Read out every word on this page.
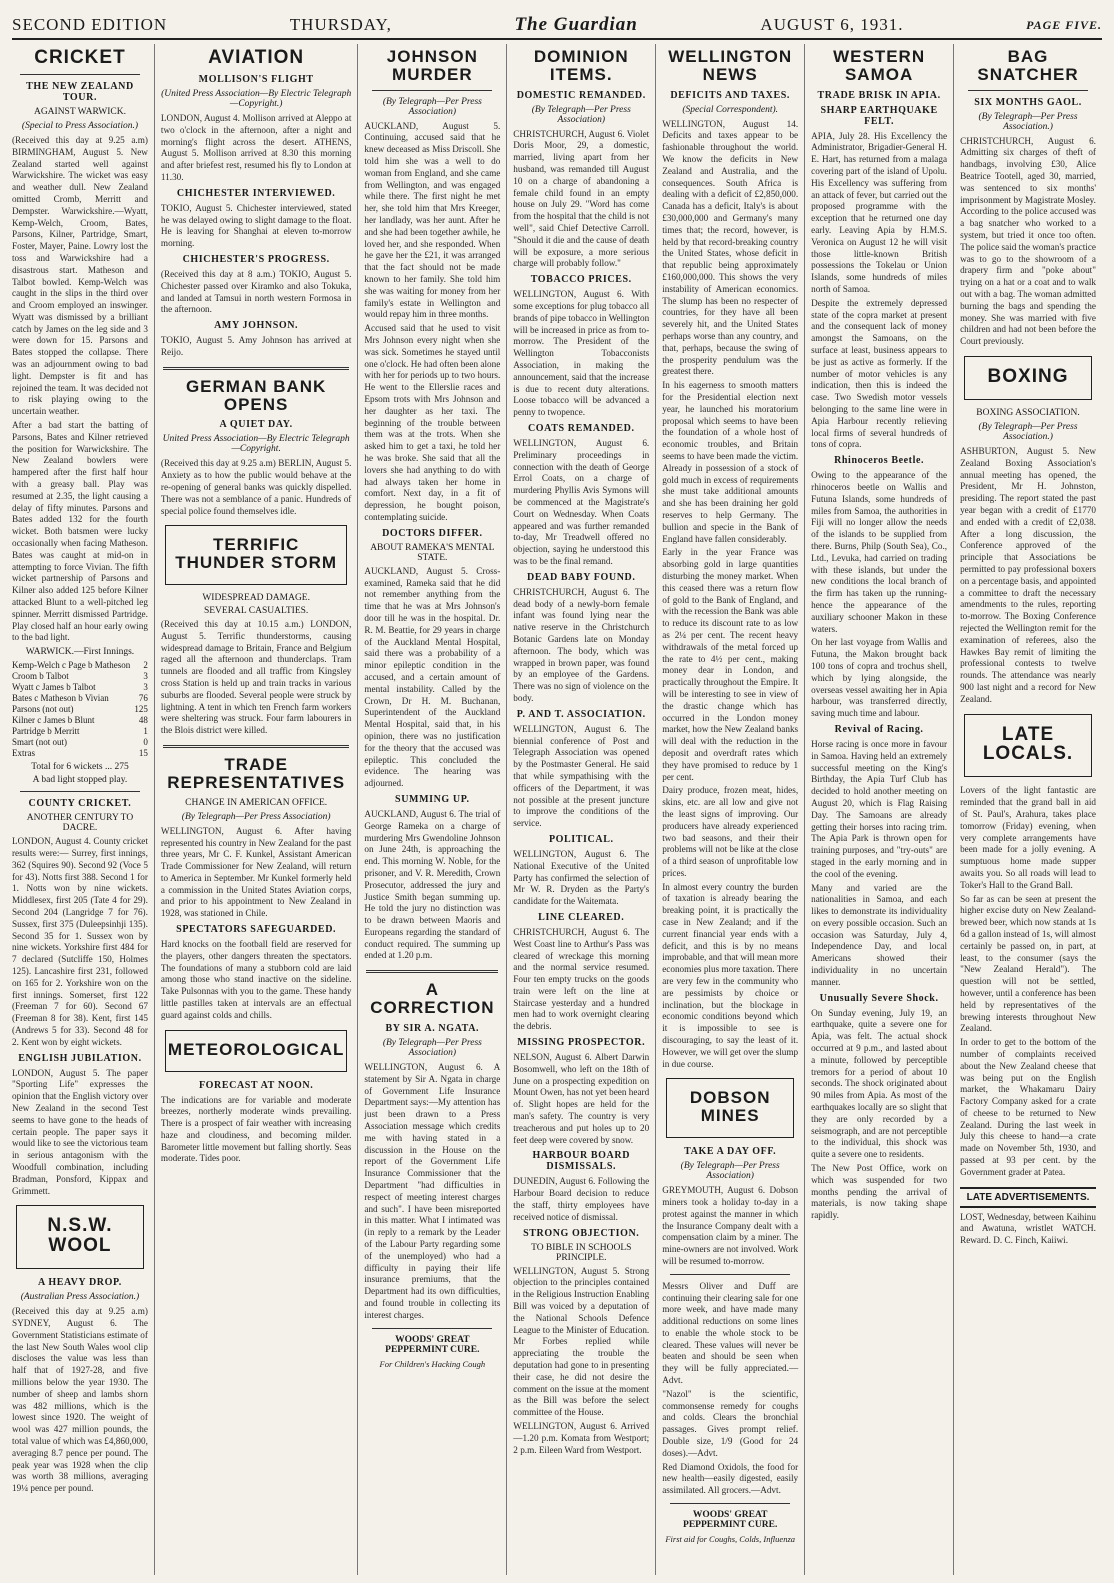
SECOND EDITION	THURSDAY,	The Guardian	AUGUST 6, 1931.	PAGE FIVE.
CRICKET
THE NEW ZEALAND TOUR.
AGAINST WARWICK.
(Special to Press Association.)

(Received this day at 9.25 a.m) BIRMINGHAM, August 5. New Zealand started well against Warwickshire. The wicket was easy and weather dull. New Zealand omitted Cromb, Merritt and Dempster. Warwickshire.—Wyatt, Kemp-Welch, Croom, Bates, Parsons, Kilner, Partridge, Smart, Foster, Mayer, Paine. Lowry lost the toss and Warwickshire had a disastrous start. Matheson and Talbot bowled. Kemp-Welch was caught in the slips in the third over and Croom employed an inswinger. Wyatt was dismissed by a brilliant catch by James on the leg side and 3 were down for 15. Parsons and Bates stopped the collapse. There was an adjournment owing to bad light. Dempster is fit and has rejoined the team. It was decided not to risk playing owing to the uncertain weather.

After a bad start the batting of Parsons, Bates and Kilner retrieved the position for Warwickshire. The New Zealand bowlers were hampered after the first half hour with a greasy ball. Play was resumed at 2.35, the light causing a delay of fifty minutes. Parsons and Bates added 132 for the fourth wicket. Both batsmen were lucky occasionally when facing Matheson. Bates was caught at mid-on in attempting to force Vivian. The fifth wicket partnership of Parsons and Kilner also added 125 before Kilner attacked Blunt to a well-pitched leg spinner. Merritt dismissed Partridge. Play closed half an hour early owing to the bad light.

WARWICK.—First Innings.
Kemp-Welch c Page b Matheson 2
Croom b Talbot	3
Wyatt c James b Talbot	3
Bates c Matheson b Vivian	76
Parsons (not out)	125
Kilner c James b Blunt	48
Partridge b Merritt	1
Smart (not out)	0
Extras	15
Total for 6 wickets ... 275
A bad light stopped play.
COUNTY CRICKET.
ANOTHER CENTURY TO DACRE.

LONDON, August 4. County cricket results were:— Surrey, first innings, 362 (Squires 90). Second 92 (Voce 5 for 43). Notts first 388. Second 1 for 1. Notts won by nine wickets. Middlesex, first 205 (Tate 4 for 29). Second 204 (Langridge 7 for 76). Sussex, first 375 (Duleepsinhji 135). Second 35 for 1. Sussex won by nine wickets. Yorkshire first 484 for 7 declared (Sutcliffe 150, Holmes 125). Lancashire first 231, followed on 165 for 2. Yorkshire won on the first innings. Somerset, first 122 (Freeman 7 for 60). Second 67 (Freeman 8 for 38). Kent, first 145 (Andrews 5 for 33). Second 48 for 2. Kent won by eight wickets.

ENGLISH JUBILATION.

LONDON, August 5. The paper "Sporting Life" expresses the opinion that the English victory over New Zealand in the second Test seems to have gone to the heads of certain people. The paper says it would like to see the victorious team in serious antagonism with the Woodfull combination, including Bradman, Ponsford, Kippax and Grimmett.

N.S.W. WOOL
A HEAVY DROP.
(Australian Press Association.)

(Received this day at 9.25 a.m) SYDNEY, August 6. The Government Statisticians estimate of the last New South Wales wool clip discloses the value was less than half that of 1927-28, and five millions below the year 1930. The number of sheep and lambs shorn was 482 millions, which is the lowest since 1920. The weight of wool was 427 million pounds, the total value of which was £4,860,000, averaging 8.7 pence per pound. The peak year was 1928 when the clip was worth 38 millions, averaging 19¼ pence per pound.

AVIATION
MOLLISON'S FLIGHT
(United Press Association—By Electric Telegraph—Copyright.)

LONDON, August 4. Mollison arrived at Aleppo at two o'clock in the afternoon, after a night and morning's flight across the desert. ATHENS, August 5. Mollison arrived at 8.30 this morning and after briefest rest, resumed his fly to London at 11.30.

CHICHESTER INTERVIEWED.

TOKIO, August 5. Chichester interviewed, stated he was delayed owing to slight damage to the float. He is leaving for Shanghai at eleven to-morrow morning.

CHICHESTER'S PROGRESS.

(Received this day at 8 a.m.) TOKIO, August 5. Chichester passed over Kiramko and also Tokuka, and landed at Tamsui in north western Formosa in the afternoon.

AMY JOHNSON.

TOKIO, August 5. Amy Johnson has arrived at Reijo.

GERMAN BANK OPENS
A QUIET DAY.
United Press Association—By Electric Telegraph—Copyright.

(Received this day at 9.25 a.m) BERLIN, August 5. Anxiety as to how the public would behave at the re-opening of general banks was quickly dispelled. There was not a semblance of a panic. Hundreds of special police found themselves idle.

TERRIFIC THUNDER STORM
WIDESPREAD DAMAGE.
SEVERAL CASUALTIES.

(Received this day at 10.15 a.m.) LONDON, August 5. Terrific thunderstorms, causing widespread damage to Britain, France and Belgium raged all the afternoon and thunderclaps. Tram tunnels are flooded and all traffic from Kingsley cross Station is held up and train tracks in various suburbs are flooded. Several people were struck by lightning. A tent in which ten French farm workers were sheltering was struck. Four farm labourers in the Blois district were killed.

TRADE REPRESENTATIVES
CHANGE IN AMERICAN OFFICE.
(By Telegraph—Per Press Association)

WELLINGTON, August 6. After having represented his country in New Zealand for the past three years, Mr C. F. Kunkel, Assistant American Trade Commissioner for New Zealand, will return to America in September. Mr Kunkel formerly held a commission in the United States Aviation corps, and prior to his appointment to New Zealand in 1928, was stationed in Chile.

SPECTATORS SAFEGUARDED.

Hard knocks on the football field are reserved for the players, other dangers threaten the spectators. The foundations of many a stubborn cold are laid among those who stand inactive on the sideline. Take Pulsonnas with you to the game. These handy little pastilles taken at intervals are an effectual guard against colds and chills.

METEOROLOGICAL
FORECAST AT NOON.

The indications are for variable and moderate breezes, northerly moderate winds prevailing. There is a prospect of fair weather with increasing haze and cloudiness, and becoming milder. Barometer little movement but falling shortly. Seas moderate. Tides poor.

JOHNSON MURDER
(By Telegraph—Per Press Association)

AUCKLAND, August 5. Continuing, accused said that he knew deceased as Miss Driscoll. She told him she was a well to do woman from England, and she came from Wellington, and was engaged while there. The first night he met her, she told him that Mrs Kreeger, her landlady, was her aunt. After he and she had been together awhile, he loved her, and she responded. When he gave her the £21, it was arranged that the fact should not be made known to her family. She told him she was waiting for money from her family's estate in Wellington and would repay him in three months.

Accused said that he used to visit Mrs Johnson every night when she was sick. Sometimes he stayed until one o'clock. He had often been alone with her for periods up to two hours. He went to the Ellerslie races and Epsom trots with Mrs Johnson and her daughter as her taxi. The beginning of the trouble between them was at the trots. When she asked him to get a taxi, he told her he was broke. She said that all the lovers she had anything to do with had always taken her home in comfort. Next day, in a fit of depression, he bought poison, contemplating suicide.

DOCTORS DIFFER.
ABOUT RAMEKA'S MENTAL STATE.

AUCKLAND, August 5. Cross-examined, Rameka said that he did not remember anything from the time that he was at Mrs Johnson's door till he was in the hospital. Dr. R. M. Beattie, for 29 years in charge of the Auckland Mental Hospital, said there was a probability of a minor epileptic condition in the accused, and a certain amount of mental instability. Called by the Crown, Dr H. M. Buchanan, Superintendent of the Auckland Mental Hospital, said that, in his opinion, there was no justification for the theory that the accused was epileptic. This concluded the evidence. The hearing was adjourned.

SUMMING UP.

AUCKLAND, August 6. The trial of George Rameka on a charge of murdering Mrs Gwendoline Johnson on June 24th, is approaching the end. This morning W. Noble, for the prisoner, and V. R. Meredith, Crown Prosecutor, addressed the jury and Justice Smith began summing up. He told the jury no distinction was to be drawn between Maoris and Europeans regarding the standard of conduct required. The summing up ended at 1.20 p.m.

A CORRECTION
BY SIR A. NGATA.
(By Telegraph—Per Press Association)

WELLINGTON, August 6. A statement by Sir A. Ngata in charge of Government Life Insurance Department says:—My attention has just been drawn to a Press Association message which credits me with having stated in a discussion in the House on the report of the Government Life Insurance Commissioner that the Department "had difficulties in respect of meeting interest charges and such". I have been misreported in this matter. What I intimated was (in reply to a remark by the Leader of the Labour Party regarding some of the unemployed) who had a difficulty in paying their life insurance premiums, that the Department had its own difficulties, and found trouble in collecting its interest charges.

WOODS' GREAT PEPPERMINT CURE.
For Children's Hacking Cough
DOMINION ITEMS.
DOMESTIC REMANDED.
(By Telegraph—Per Press Association)

CHRISTCHURCH, August 6. Violet Doris Moor, 29, a domestic, married, living apart from her husband, was remanded till August 10 on a charge of abandoning a female child found in an empty house on July 29. "Word has come from the hospital that the child is not well", said Chief Detective Carroll. "Should it die and the cause of death will be exposure, a more serious charge will probably follow."

TOBACCO PRICES.

WELLINGTON, August 6. With some exceptions for plug tobacco all brands of pipe tobacco in Wellington will be increased in price as from to-morrow. The President of the Wellington Tobacconists Association, in making the announcement, said that the increase is due to recent duty alterations. Loose tobacco will be advanced a penny to twopence.

COATS REMANDED.

WELLINGTON, August 6. Preliminary proceedings in connection with the death of George Errol Coats, on a charge of murdering Phyllis Avis Symons will be commenced at the Magistrate's Court on Wednesday. When Coats appeared and was further remanded to-day, Mr Treadwell offered no objection, saying he understood this was to be the final remand.

DEAD BABY FOUND.

CHRISTCHURCH, August 6. The dead body of a newly-born female infant was found lying near the native reserve in the Christchurch Botanic Gardens late on Monday afternoon. The body, which was wrapped in brown paper, was found by an employee of the Gardens. There was no sign of violence on the body.

P. AND T. ASSOCIATION.

WELLINGTON, August 6. The biennial conference of Post and Telegraph Association was opened by the Postmaster General. He said that while sympathising with the officers of the Department, it was not possible at the present juncture to improve the conditions of the service.

POLITICAL.

WELLINGTON, August 6. The National Executive of the United Party has confirmed the selection of Mr W. R. Dryden as the Party's candidate for the Waitemata.

LINE CLEARED.

CHRISTCHURCH, August 6. The West Coast line to Arthur's Pass was cleared of wreckage this morning and the normal service resumed. Four ten empty trucks on the goods train were left on the line at Staircase yesterday and a hundred men had to work overnight clearing the debris.

MISSING PROSPECTOR.

NELSON, August 6. Albert Darwin Bosomwell, who left on the 18th of June on a prospecting expedition on Mount Owen, has not yet been heard of. Slight hopes are held for the man's safety. The country is very treacherous and put holes up to 20 feet deep were covered by snow.

HARBOUR BOARD DISMISSALS.

DUNEDIN, August 6. Following the Harbour Board decision to reduce the staff, thirty employees have received notice of dismissal.

STRONG OBJECTION.
TO BIBLE IN SCHOOLS PRINCIPLE.

WELLINGTON, August 5. Strong objection to the principles contained in the Religious Instruction Enabling Bill was voiced by a deputation of the National Schools Defence League to the Minister of Education. Mr Forbes replied while appreciating the trouble the deputation had gone to in presenting their case, he did not desire the comment on the issue at the moment as the Bill was before the select committee of the House.

WELLINGTON, August 6. Arrived—1.20 p.m. Komata from Westport; 2 p.m. Eileen Ward from Westport.

WELLINGTON NEWS
DEFICITS AND TAXES.
(Special Correspondent).

WELLINGTON, August 14. Deficits and taxes appear to be fashionable throughout the world. We know the deficits in New Zealand and Australia, and the consequences. South Africa is dealing with a deficit of £2,850,000. Canada has a deficit, Italy's is about £30,000,000 and Germany's many times that; the record, however, is held by that record-breaking country the United States, whose deficit in that republic being approximately £160,000,000. This shows the very instability of American economics. The slump has been no respecter of countries, for they have all been severely hit, and the United States perhaps worse than any country, and that, perhaps, because the swing of the prosperity pendulum was the greatest there.

In his eagerness to smooth matters for the Presidential election next year, he launched his moratorium proposal which seems to have been the foundation of a whole host of economic troubles, and Britain seems to have been made the victim. Already in possession of a stock of gold much in excess of requirements she must take additional amounts and she has been draining her gold reserves to help Germany. The bullion and specie in the Bank of England have fallen considerably.

Early in the year France was absorbing gold in large quantities disturbing the money market. When this ceased there was a return flow of gold to the Bank of England, and with the recession the Bank was able to reduce its discount rate to as low as 2¼ per cent. The recent heavy withdrawals of the metal forced up the rate to 4½ per cent., making money dear in London, and practically throughout the Empire. It will be interesting to see in view of the drastic change which has occurred in the London money market, how the New Zealand banks will deal with the reduction in the deposit and overdraft rates which they have promised to reduce by 1 per cent.

Dairy produce, frozen meat, hides, skins, etc. are all low and give not the least signs of improving. Our producers have already experienced two bad seasons, and their their problems will not be like at the close of a third season of unprofitable low prices.

In almost every country the burden of taxation is already bearing the breaking point, it is practically the case in New Zealand; and if the current financial year ends with a deficit, and this is by no means improbable, and that will mean more economies plus more taxation. There are very few in the community who are pessimists by choice or inclination, but the blockage in economic conditions beyond which it is impossible to see is discouraging, to say the least of it. However, we will get over the slump in due course.

DOBSON MINES
TAKE A DAY OFF.
(By Telegraph—Per Press Association)

GREYMOUTH, August 6. Dobson miners took a holiday to-day in a protest against the manner in which the Insurance Company dealt with a compensation claim by a miner. The mine-owners are not involved. Work will be resumed to-morrow.

Messrs Oliver and Duff are continuing their clearing sale for one more week, and have made many additional reductions on some lines to enable the whole stock to be cleared. These values will never be beaten and should be seen when they will be fully appreciated.—Advt.

"Nazol" is the scientific, commonsense remedy for coughs and colds. Clears the bronchial passages. Gives prompt relief. Double size, 1/9 (Good for 24 doses).—Advt.

Red Diamond Oxidols, the food for new health—easily digested, easily assimilated. All grocers.—Advt.

WOODS' GREAT PEPPERMINT CURE.
First aid for Coughs, Colds, Influenza
WESTERN SAMOA
TRADE BRISK IN APIA.
SHARP EARTHQUAKE FELT.

APIA, July 28. His Excellency the Administrator, Brigadier-General H. E. Hart, has returned from a malaga covering part of the island of Upolu. His Excellency was suffering from an attack of fever, but carried out the proposed programme with the exception that he returned one day early. Leaving Apia by H.M.S. Veronica on August 12 he will visit those little-known British possessions the Tokelau or Union Islands, some hundreds of miles north of Samoa.

Despite the extremely depressed state of the copra market at present and the consequent lack of money amongst the Samoans, on the surface at least, business appears to be just as active as formerly. If the number of motor vehicles is any indication, then this is indeed the case. Two Swedish motor vessels belonging to the same line were in Apia Harbour recently relieving local firms of several hundreds of tons of copra.

Rhinoceros Beetle.

Owing to the appearance of the rhinoceros beetle on Wallis and Futuna Islands, some hundreds of miles from Samoa, the authorities in Fiji will no longer allow the needs of the islands to be supplied from there. Burns, Philp (South Sea), Co., Ltd., Levuka, had carried on trading with these islands, but under the new conditions the local branch of the firm has taken up the running-hence the appearance of the auxiliary schooner Makon in these waters.

On her last voyage from Wallis and Futuna, the Makon brought back 100 tons of copra and trochus shell, which by lying alongside, the overseas vessel awaiting her in Apia harbour, was transferred directly, saving much time and labour.

Revival of Racing.

Horse racing is once more in favour in Samoa. Having held an extremely successful meeting on the King's Birthday, the Apia Turf Club has decided to hold another meeting on August 20, which is Flag Raising Day. The Samoans are already getting their horses into racing trim. The Apia Park is thrown open for training purposes, and "try-outs" are staged in the early morning and in the cool of the evening.

Many and varied are the nationalities in Samoa, and each likes to demonstrate its individuality on every possible occasion. Such an occasion was Saturday, July 4, Independence Day, and local Americans showed their individuality in no uncertain manner.

Unusually Severe Shock.

On Sunday evening, July 19, an earthquake, quite a severe one for Apia, was felt. The actual shock occurred at 9 p.m., and lasted about a minute, followed by perceptible tremors for a period of about 10 seconds. The shock originated about 90 miles from Apia. As most of the earthquakes locally are so slight that they are only recorded by a seismograph, and are not perceptible to the individual, this shock was quite a severe one to residents.

The New Post Office, work on which was suspended for two months pending the arrival of materials, is now taking shape rapidly.

BAG SNATCHER
SIX MONTHS GAOL.
(By Telegraph—Per Press Association.)

CHRISTCHURCH, August 6. Admitting six charges of theft of handbags, involving £30, Alice Beatrice Tootell, aged 30, married, was sentenced to six months' imprisonment by Magistrate Mosley. According to the police accused was a bag snatcher who worked to a system, but tried it once too often. The police said the woman's practice was to go to the showroom of a drapery firm and "poke about" trying on a hat or a coat and to walk out with a bag. The woman admitted burning the bags and spending the money. She was married with five children and had not been before the Court previously.

BOXING
BOXING ASSOCIATION.
(By Telegraph—Per Press Association.)

ASHBURTON, August 5. New Zealand Boxing Association's annual meeting has opened, the President, Mr H. Johnston, presiding. The report stated the past year began with a credit of £1770 and ended with a credit of £2,038. After a long discussion, the Conference approved of the principle that Associations be permitted to pay professional boxers on a percentage basis, and appointed a committee to draft the necessary amendments to the rules, reporting to-morrow. The Boxing Conference rejected the Wellington remit for the examination of referees, also the Hawkes Bay remit of limiting the professional contests to twelve rounds. The attendance was nearly 900 last night and a record for New Zealand.

LATE LOCALS.

Lovers of the light fantastic are reminded that the grand ball in aid of St. Paul's, Arahura, takes place tomorrow (Friday) evening, when very complete arrangements have been made for a jolly evening. A sumptuous home made supper awaits you. So all roads will lead to Toker's Hall to the Grand Ball.

So far as can be seen at present the higher excise duty on New Zealand-brewed beer, which now stands at 1s 6d a gallon instead of 1s, will almost certainly be passed on, in part, at least, to the consumer (says the "New Zealand Herald"). The question will not be settled, however, until a conference has been held by representatives of the brewing interests throughout New Zealand.

In order to get to the bottom of the number of complaints received about the New Zealand cheese that was being put on the English market, the Whakamaru Dairy Factory Company asked for a crate of cheese to be returned to New Zealand. During the last week in July this cheese to hand—a crate made on November 5th, 1930, and passed at 93 per cent. by the Government grader at Patea.

LATE ADVERTISEMENTS.

LOST, Wednesday, between Kaihinu and Awatuna, wristlet WATCH. Reward. D. C. Finch, Kaiiwi.
